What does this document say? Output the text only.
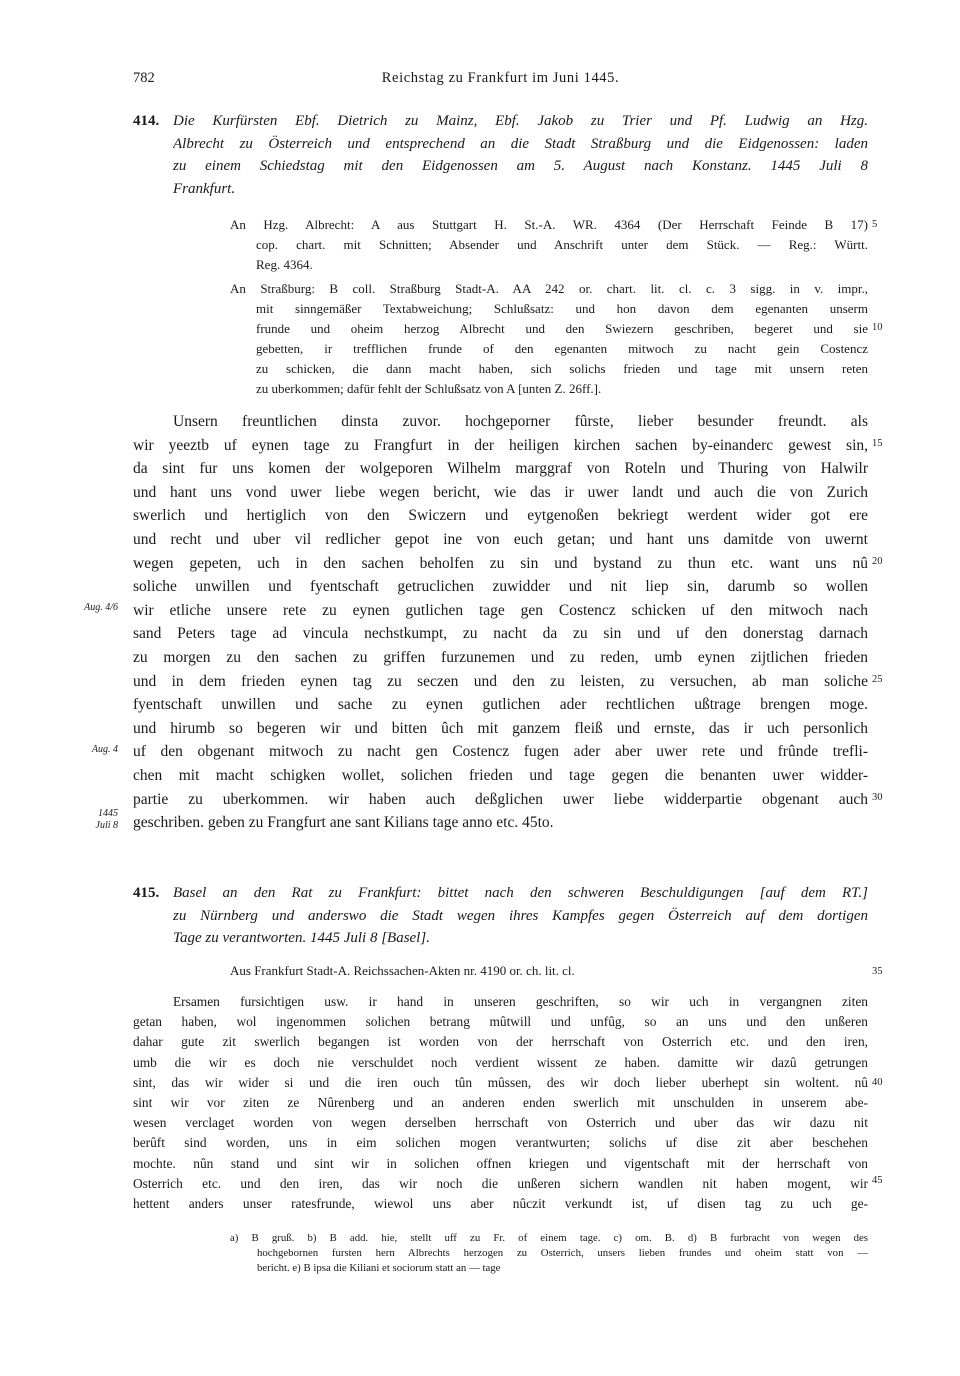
782	Reichstag zu Frankfurt im Juni 1445.
414. Die Kurfürsten Ebf. Dietrich zu Mainz, Ebf. Jakob zu Trier und Pf. Ludwig an Hzg.
Albrecht zu Österreich und entsprechend an die Stadt Straßburg und die Eidgenossen: laden
zu einem Schiedstag mit den Eidgenossen am 5. August nach Konstanz. 1445 Juli 8
Frankfurt.
An Hzg. Albrecht: A aus Stuttgart H. St.-A. WR. 4364 (Der Herrschaft Feinde B 17)
cop. chart. mit Schnitten; Absender und Anschrift unter dem Stück. — Reg.: Württ.
Reg. 4364.
An Straßburg: B coll. Straßburg Stadt-A. AA 242 or. chart. lit. cl. c. 3 sigg. in v. impr.,
mit sinngemäßer Textabweichung; Schlußsatz: und hon davon dem egenanten unserm
frunde und oheim herzog Albrecht und den Swiezern geschriben, begeret und sie
gebetten, ir trefflichen frunde of den egenanten mitwoch zu nacht gein Costencz
zu schicken, die dann macht haben, sich solichs frieden und tage mit unsern reten
zu uberkommen; dafür fehlt der Schlußsatz von A [unten Z. 26ff.].
Unsern freuntlichen dinsta zuvor. hochgeporner fûrste, lieber besunder freundt. als
wir yeeztb uf eynen tage zu Frangfurt in der heiligen kirchen sachen by-einanderc gewest sin,
da sint fur uns komen der wolgeporen Wilhelm marggraf von Roteln und Thuring von Halwilr
und hant uns vond uwer liebe wegen bericht, wie das ir uwer landt und auch die von Zurich
swerlich und hertiglich von den Swiczern und eytgenoßen bekriegt werdent wider got ere
und recht und uber vil redlicher gepot ine von euch getan; und hant uns damitde von uwernt
wegen gepeten, uch in den sachen beholfen zu sin und bystand zu thun etc. want uns nû
soliche unwillen und fyentschaft getruclichen zuwidder und nit liep sin, darumb so wollen
wir etliche unsere rete zu eynen gutlichen tage gen Costencz schicken uf den mitwoch nach
sand Peters tage ad vincula nechstkumpt, zu nacht da zu sin und uf den donerstag darnach
zu morgen zu den sachen zu griffen furzunemen und zu reden, umb eynen zijtlichen frieden
und in dem frieden eynen tag zu seczen und den zu leisten, zu versuchen, ab man soliche
fyentschaft unwillen und sache zu eynen gutlichen ader rechtlichen ußtrage brengen moge.
und hirumb so begeren wir und bitten ûch mit ganzem fleiß und ernste, das ir uch personlich
uf den obgenant mitwoch zu nacht gen Costencz fugen ader aber uwer rete und frûnde trefli-
chen mit macht schigken wollet, solichen frieden und tage gegen die benanten uwer widder-
partie zu uberkommen. wir haben auch deßglichen uwer liebe widderpartie obgenant auch
geschriben. geben zu Frangfurt ane sant Kilians tage anno etc. 45to.
Aug. 4/6
Aug. 4
1445
Juli 8
415. Basel an den Rat zu Frankfurt: bittet nach den schweren Beschuldigungen [auf dem RT.]
zu Nürnberg und anderswo die Stadt wegen ihres Kampfes gegen Österreich auf dem dortigen
Tage zu verantworten. 1445 Juli 8 [Basel].
Aus Frankfurt Stadt-A. Reichssachen-Akten nr. 4190 or. ch. lit. cl.
Ersamen fursichtigen usw. ir hand in unseren geschriften, so wir uch in vergangnen ziten
getan haben, wol ingenommen solichen betrang mûtwill und unfûg, so an uns und den unßeren
dahar gute zit swerlich begangen ist worden von der herrschaft von Osterrich etc. und den iren,
umb die wir es doch nie verschuldet noch verdient wissent ze haben. damitte wir dazû getrungen
sint, das wir wider si und die iren ouch tûn mûssen, des wir doch lieber uberhept sin woltent. nû
sint wir vor ziten ze Nûrenberg und an anderen enden swerlich mit unschulden in unserem abe-
wesen verclaget worden von wegen derselben herrschaft von Osterrich und uber das wir dazu nit
berûft sind worden, uns in eim solichen mogen verantwurten; solichs uf dise zit aber beschehen
mochte. nûn stand und sint wir in solichen offnen kriegen und vigentschaft mit der herrschaft von
Osterrich etc. und den iren, das wir noch die unßeren sichern wandlen nit haben mogent, wir
hettent anders unser ratesfrunde, wiewol uns aber nûczit verkundt ist, uf disen tag zu uch ge-
a) B gruß. b) B add. hie, stellt uff zu Fr. of einem tage. c) om. B. d) B furbracht von wegen des
hochgebornen fursten hern Albrechts herzogen zu Osterrich, unsers lieben frundes und oheim statt von —
bericht. e) B ipsa die Kiliani et sociorum statt an — tage
5
10
15
20
25
30
35
40
45
